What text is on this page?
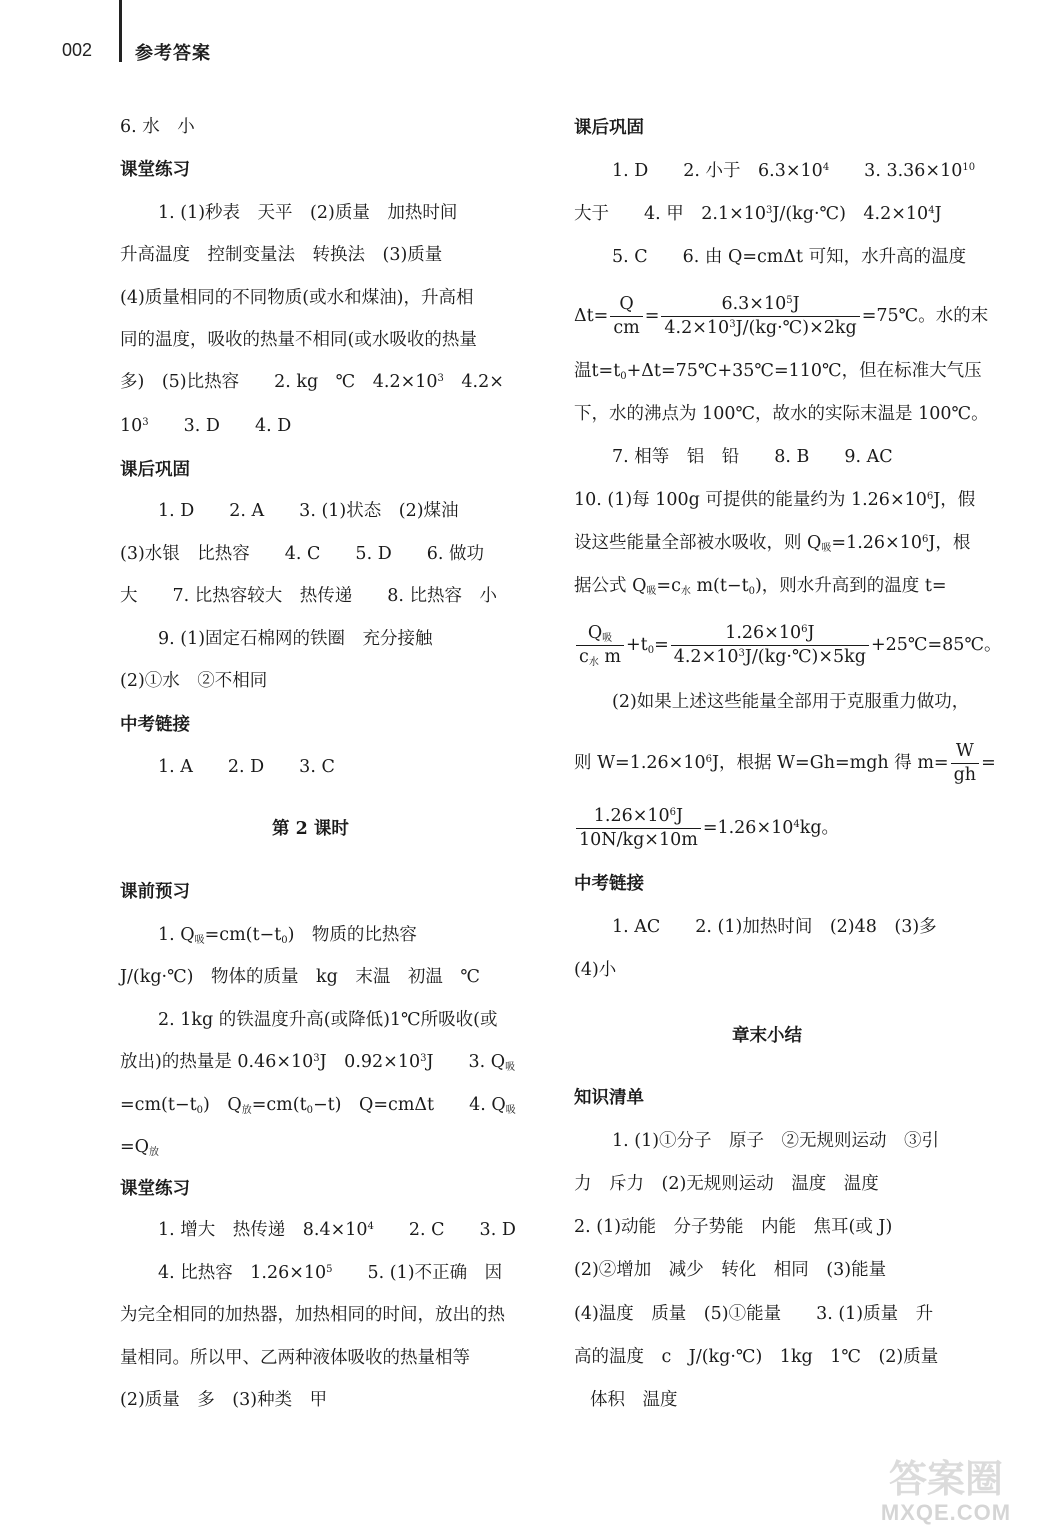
002 参考答案
6. 水　小
课堂练习
1. (1)秒表　天平　(2)质量　加热时间
升高温度　控制变量法　转换法　(3)质量
(4)质量相同的不同物质(或水和煤油)，升高相
同的温度，吸收的热量不相同(或水吸收的热量
多)　(5)比热容　　2. kg　℃　$4.2\times 10^3$　4.2×
$10^3$　　3. D　　4. D
课后巩固
1. D　　2. A　　3. (1)状态　(2)煤油
(3)水银　比热容　　4. C　　5. D　　6. 做功
大　　7. 比热容较大　热传递　　8. 比热容　小
9. (1)固定石棉网的铁圈　充分接触
(2)①水　②不相同
中考链接
1. A　　2. D　　3. C
第 2 课时
课前预习
1. $Q_吸=cm(t-t_0)$　物质的比热容
J/(kg·℃)　物体的质量　kg　末温　初温　℃
2. 1kg 的铁温度升高(或降低)1℃所吸收(或
放出)的热量是 $0.46\times 10^3J$　$0.92\times 10^3J$　　3. $Q_吸$
$=cm(t-t_0)$　$Q_放=cm(t_0-t)$　Q=cmΔt　　4. $Q_吸$
$=Q_放$
课堂练习
1. 增大　热传递　$8.4\times 10^4$　　2. C　　3. D
4. 比热容　$1.26\times 10^5$　　5. (1)不正确　因
为完全相同的加热器，加热相同的时间，放出的热
量相同。所以甲、乙两种液体吸收的热量相等
(2)质量　多　(3)种类　甲
课后巩固
1. D　　2. 小于　$6.3\times 10^4$　　3. $3.36\times 10^{10}$
大于　　4. 甲　$2.1\times 10^3J/(kg\cdot℃)$　$4.2\times 10^4J$
5. C　　6. 由 Q=cmΔt 可知，水升高的温度
$\Delta t= \frac{Q}{cm} = \frac{6.3\times 10^5J}{4.2\times 10^3J/(kg\cdot℃)\times 2kg}$ =75℃。水的末
温$t=t_0+\Delta t=75℃+35℃=110℃$，但在标准大气压
下，水的沸点为 100℃，故水的实际末温是 100℃。
7. 相等　铝　铅　　8. B　　9. AC
10. (1)每 100g 可提供的能量约为 $1.26\times 10^6J$，假
设这些能量全部被水吸收，则 $Q_吸=1.26\times 10^6J$，根
据公式 $Q_吸=c_水$ $m(t-t_0)$，则水升高到的温度 t=
$\frac{Q_吸}{c_水 m} +t_0= \frac{1.26\times 10^6J}{4.2\times 10^3J/(kg\cdot℃)\times 5kg}$ +25℃=85℃。
(2)如果上述这些能量全部用于克服重力做功，
则 $W=1.26\times 10^6J$，根据 W=Gh=mgh 得 $m= \frac{W}{gh}$ =
$\frac{1.26\times 10^6J}{10N/kg\times 10m} =1.26\times 10^4kg$。
中考链接
1. AC　　2. (1)加热时间　(2)48　(3)多
(4)小
章末小结
知识清单
1. (1)①分子　原子　②无规则运动　③引
力　斥力　(2)无规则运动　温度　温度
2. (1)动能　分子势能　内能　焦耳(或 J)
(2)②增加　减少　转化　相同　(3)能量
(4)温度　质量　(5)①能量　　3. (1)质量　升
高的温度　c　J/(kg·℃)　1kg　1℃　(2)质量
体积　温度
答案圈
MXQE.COM
